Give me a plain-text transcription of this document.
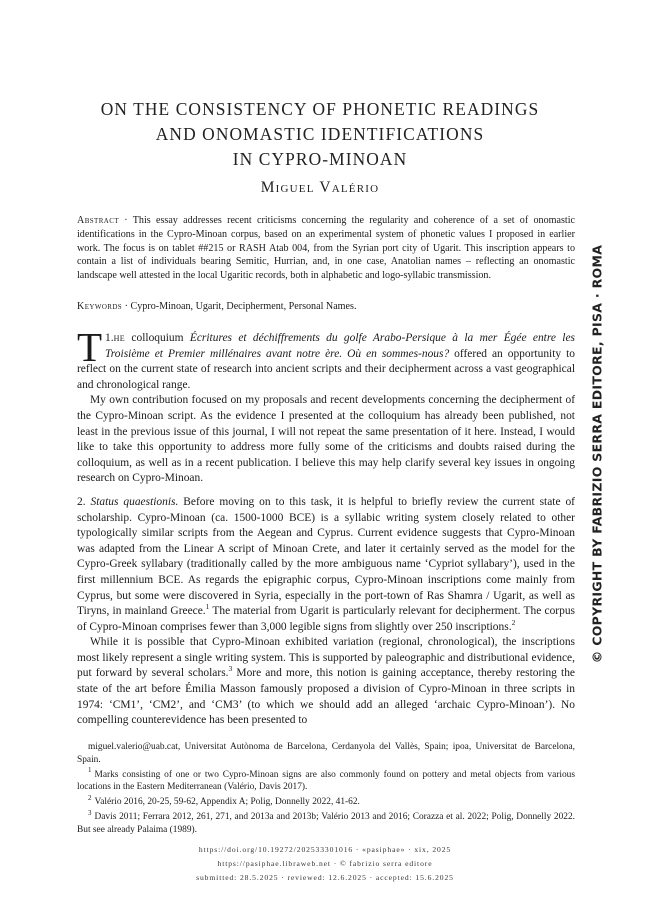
ON THE CONSISTENCY OF PHONETIC READINGS
AND ONOMASTIC IDENTIFICATIONS
IN CYPRO-MINOAN
Miguel Valério
Abstract · This essay addresses recent criticisms concerning the regularity and coherence of a set of onomastic identifications in the Cypro-Minoan corpus, based on an experimental system of phonetic values I proposed in earlier work. The focus is on tablet ##215 or RASH Atab 004, from the Syrian port city of Ugarit. This inscription appears to contain a list of individuals bearing Semitic, Hurrian, and, in one case, Anatolian names – reflecting an onomastic landscape well attested in the local Ugaritic records, both in alphabetic and logo-syllabic transmission.
Keywords · Cypro-Minoan, Ugarit, Decipherment, Personal Names.

1.
T he colloquium Écritures et déchiffrements du golfe Arabo-Persique à la mer Égée entre les Troisième et Premier millénaires avant notre ère. Où en sommes-nous? offered an opportunity to reflect on the current state of research into ancient scripts and their decipherment across a vast geographical and chronological range.

My own contribution focused on my proposals and recent developments concerning the decipherment of the Cypro-Minoan script. As the evidence I presented at the colloquium has already been published, not least in the previous issue of this journal, I will not repeat the same presentation of it here. Instead, I would like to take this opportunity to address more fully some of the criticisms and doubts raised during the colloquium, as well as in a recent publication. I believe this may help clarify several key issues in ongoing research on Cypro-Minoan.

2. Status quaestionis. Before moving on to this task, it is helpful to briefly review the current state of scholarship. Cypro-Minoan (ca. 1500-1000 BCE) is a syllabic writing system closely related to other typologically similar scripts from the Aegean and Cyprus. Current evidence suggests that Cypro-Minoan was adapted from the Linear A script of Minoan Crete, and later it certainly served as the model for the Cypro-Greek syllabary (traditionally called by the more ambiguous name ‘Cypriot syllabary’), used in the first millennium BCE. As regards the epigraphic corpus, Cypro-Minoan inscriptions come mainly from Cyprus, but some were discovered in Syria, especially in the port-town of Ras Shamra / Ugarit, as well as Tiryns, in mainland Greece.$^1$ The material from Ugarit is particularly relevant for decipherment. The corpus of Cypro-Minoan comprises fewer than 3,000 legible signs from slightly over 250 inscriptions.$^2$

While it is possible that Cypro-Minoan exhibited variation (regional, chronological), the inscriptions most likely represent a single writing system. This is supported by paleographic and distributional evidence, put forward by several scholars.$^3$ More and more, this notion is gaining acceptance, thereby restoring the state of the art before Émilia Masson famously proposed a division of Cypro-Minoan in three scripts in 1974: ‘CM1’, ‘CM2’, and ‘CM3’ (to which we should add an alleged ‘archaic Cypro-Minoan’). No compelling counterevidence has been presented to

miguel.valerio@uab.cat, Universitat Autònoma de Barcelona, Cerdanyola del Vallès, Spain; ipoa, Universitat de Barcelona, Spain.

$^1$ Marks consisting of one or two Cypro-Minoan signs are also commonly found on pottery and metal objects from various locations in the Eastern Mediterranean (Valério, Davis 2017).

$^2$ Valério 2016, 20-25, 59-62, Appendix A; Polig, Donnelly 2022, 41-62.

$^3$ Davis 2011; Ferrara 2012, 261, 271, and 2013a and 2013b; Valério 2013 and 2016; Corazza et al. 2022; Polig, Donnelly 2022. But see already Palaima (1989).

https://doi.org/10.19272/202533301016 · «pasiphae» · xix, 2025
https://pasiphae.libraweb.net · © fabrizio serra editore
submitted: 28.5.2025 · reviewed: 12.6.2025 · accepted: 15.6.2025
© COPYRIGHT BY FABRIZIO SERRA EDITORE, PISA · ROMA
